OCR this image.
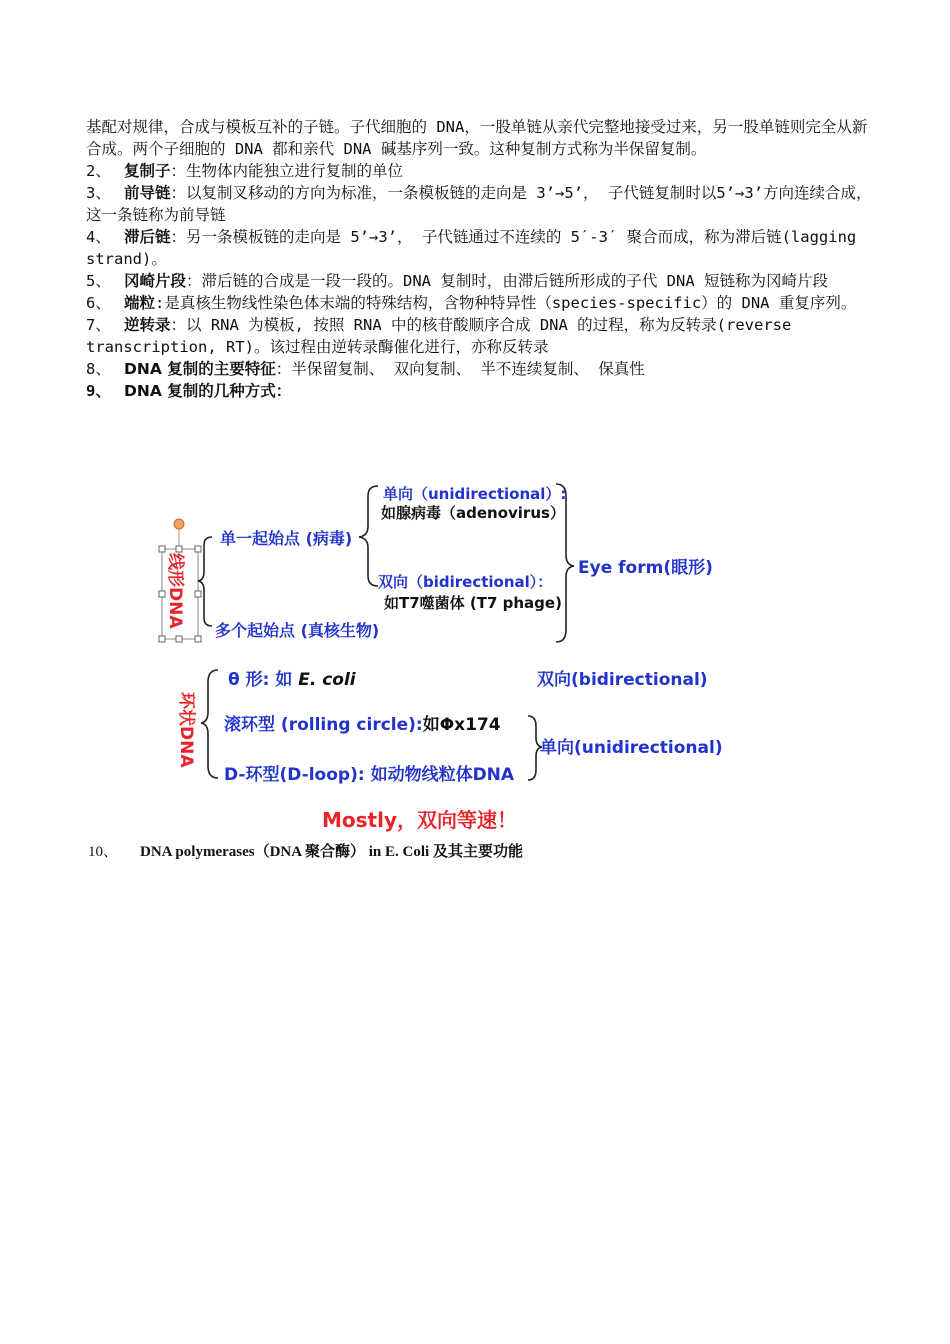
基配对规律，合成与模板互补的子链。子代细胞的 DNA，一股单链从亲代完整地接受过来，另一股单链则完全从新合成。两个子细胞的 DNA 都和亲代 DNA 碱基序列一致。这种复制方式称为半保留复制。

2、 复制子：生物体内能独立进行复制的单位

3、 前导链：以复制叉移动的方向为标准，一条模板链的走向是 3’→5’， 子代链复制时以5’→3’方向连续合成，这一条链称为前导链

4、 滞后链：另一条模板链的走向是 5’→3’， 子代链通过不连续的 5ˊ-3ˊ 聚合而成，称为滞后链(lagging strand)。

5、 冈崎片段：滞后链的合成是一段一段的。DNA 复制时，由滞后链所形成的子代 DNA 短链称为冈崎片段

6、 端粒:是真核生物线性染色体末端的特殊结构，含物种特异性（species-specific）的 DNA 重复序列。

7、 逆转录：以 RNA 为模板, 按照 RNA 中的核苷酸顺序合成 DNA 的过程，称为反转录(reverse transcription, RT)。该过程由逆转录酶催化进行，亦称反转录

8、 DNA 复制的主要特征：半保留复制、 双向复制、 半不连续复制、 保真性

9、 DNA 复制的几种方式：

线形DNA
单一起始点 (病毒)
多个起始点 (真核生物)
单向（unidirectional）:
如腺病毒（adenovirus）
双向（bidirectional）：
如T7噬菌体 (T7 phage)
Eye form(眼形)
环状DNA
θ 形: 如 E. coli
滚环型 (rolling circle):如Φx174
D-环型(D-loop): 如动物线粒体DNA
双向(bidirectional)
单向(unidirectional)
Mostly，双向等速！
10、 DNA polymerases（DNA 聚合酶） in E. Coli 及其主要功能
